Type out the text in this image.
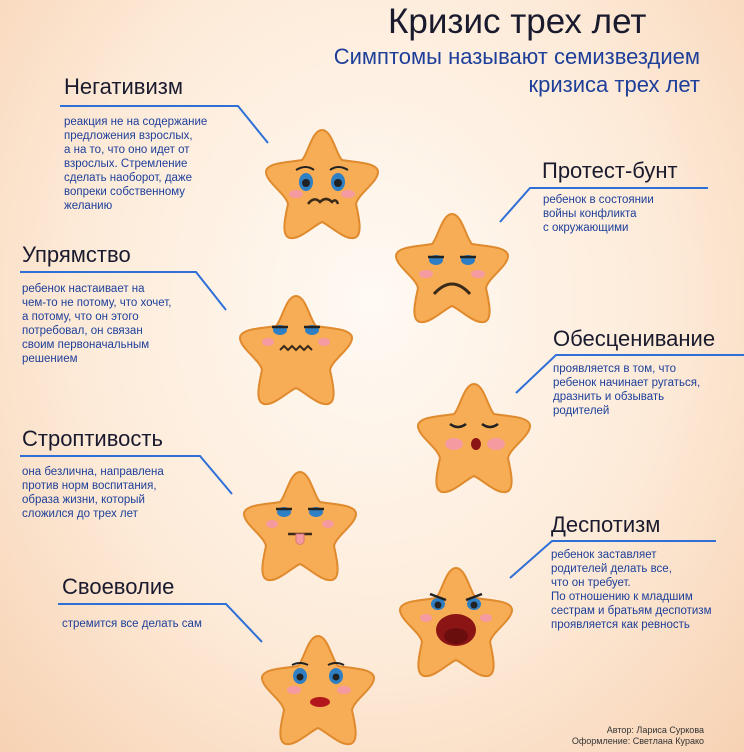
Кризис трех лет
Симптомы называют семизвездием
кризиса трех лет
Негативизм
Протест-бунт
Упрямство
Обесценивание
Строптивость
Деспотизм
Своеволие
реакция не на содержание
предложения взрослых,
а на то, что оно идет от
взрослых. Стремление
сделать наоборот, даже
вопреки собственному
желанию	ребенок в состоянии
войны конфликта
с окружающими
ребенок настаивает на
чем-то не потому, что хочет,
а потому, что он этого
потребовал, он связан
своим первоначальным
решением
проявляется в том, что
ребенок начинает ругаться,
дразнить и обзывать
родителей
она безлична, направлена
против норм воспитания,
образа жизни, который
сложился до трех лет
ребенок заставляет
родителей делать все,
что он требует.
По отношению к младшим
сестрам и братьям деспотизм
проявляется как ревность
стремится все делать сам
Автор: Лариса Суркова
Оформление: Светлана Курако
